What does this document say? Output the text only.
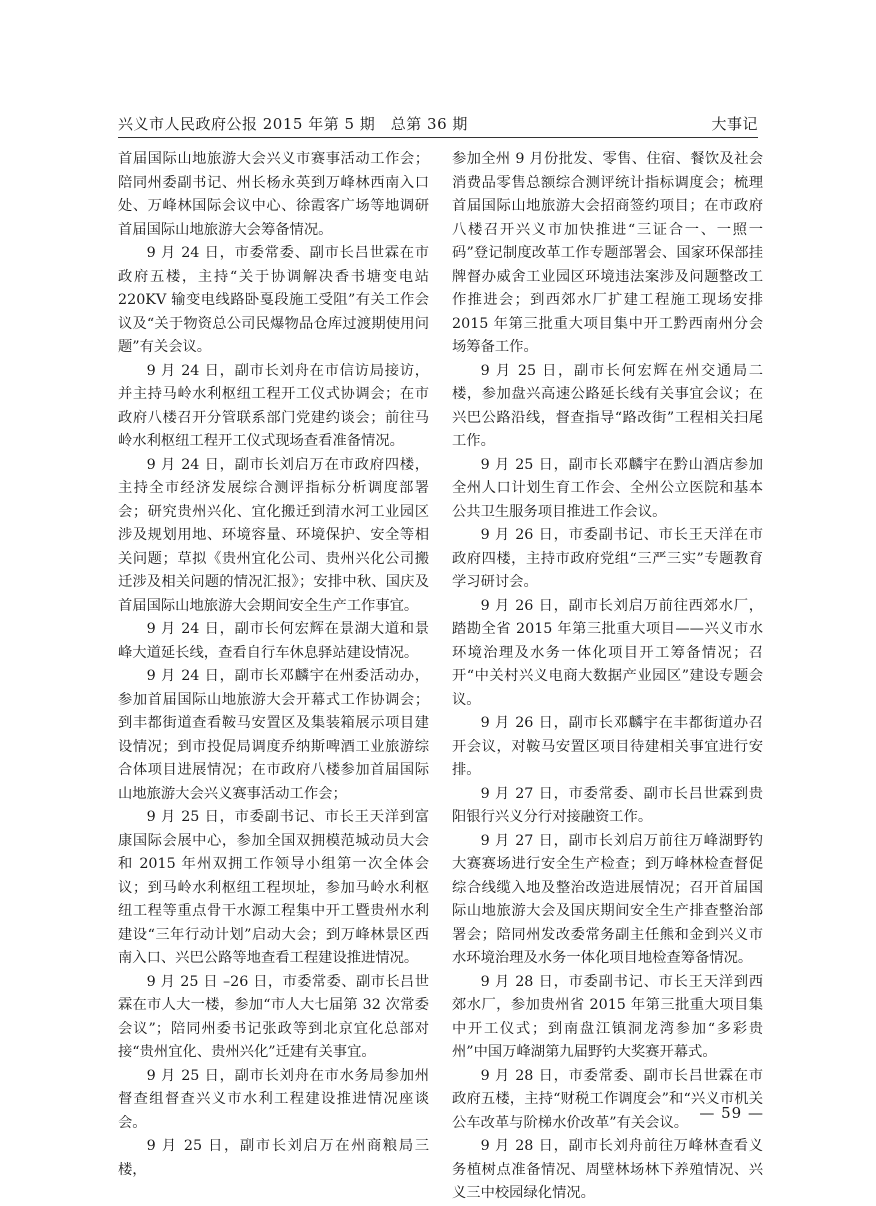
兴义市人民政府公报 2015 年第 5 期　总第 36 期	大事记

首届国际山地旅游大会兴义市赛事活动工作会；陪同州委副书记、州长杨永英到万峰林西南入口处、万峰林国际会议中心、徐霞客广场等地调研首届国际山地旅游大会筹备情况。

9 月 24 日，市委常委、副市长吕世霖在市政府五楼，主持“关于协调解决香书塘变电站 220KV 输变电线路卧戛段施工受阻”有关工作会议及“关于物资总公司民爆物品仓库过渡期使用问题”有关会议。

9 月 24 日，副市长刘舟在市信访局接访，并主持马岭水利枢纽工程开工仪式协调会；在市政府八楼召开分管联系部门党建约谈会；前往马岭水利枢纽工程开工仪式现场查看准备情况。

9 月 24 日，副市长刘启万在市政府四楼，主持全市经济发展综合测评指标分析调度部署会；研究贵州兴化、宜化搬迁到清水河工业园区涉及规划用地、环境容量、环境保护、安全等相关问题；草拟《贵州宜化公司、贵州兴化公司搬迁涉及相关问题的情况汇报》；安排中秋、国庆及首届国际山地旅游大会期间安全生产工作事宜。

9 月 24 日，副市长何宏辉在景湖大道和景峰大道延长线，查看自行车休息驿站建设情况。

9 月 24 日，副市长邓麟宇在州委活动办，参加首届国际山地旅游大会开幕式工作协调会；到丰都街道查看鞍马安置区及集装箱展示项目建设情况；到市投促局调度乔纳斯啤酒工业旅游综合体项目进展情况；在市政府八楼参加首届国际山地旅游大会兴义赛事活动工作会；

9 月 25 日，市委副书记、市长王天洋到富康国际会展中心，参加全国双拥模范城动员大会和 2015 年州双拥工作领导小组第一次全体会议；到马岭水利枢纽工程坝址，参加马岭水利枢纽工程等重点骨干水源工程集中开工暨贵州水利建设“三年行动计划”启动大会；到万峰林景区西南入口、兴巴公路等地查看工程建设推进情况。

9 月 25 日 –26 日，市委常委、副市长吕世霖在市人大一楼，参加“市人大七届第 32 次常委会议”；陪同州委书记张政等到北京宜化总部对接“贵州宜化、贵州兴化”迁建有关事宜。

9 月 25 日，副市长刘舟在市水务局参加州督查组督查兴义市水利工程建设推进情况座谈会。

9 月 25 日，副市长刘启万在州商粮局三楼，

参加全州 9 月份批发、零售、住宿、餐饮及社会消费品零售总额综合测评统计指标调度会；梳理首届国际山地旅游大会招商签约项目；在市政府八楼召开兴义市加快推进“三证合一、一照一码”登记制度改革工作专题部署会、国家环保部挂牌督办威舍工业园区环境违法案涉及问题整改工作推进会；到西郊水厂扩建工程施工现场安排 2015 年第三批重大项目集中开工黔西南州分会场筹备工作。

9 月 25 日，副市长何宏辉在州交通局二楼，参加盘兴高速公路延长线有关事宜会议；在兴巴公路沿线，督查指导“路改街”工程相关扫尾工作。

9 月 25 日，副市长邓麟宇在黔山酒店参加全州人口计划生育工作会、全州公立医院和基本公共卫生服务项目推进工作会议。

9 月 26 日，市委副书记、市长王天洋在市政府四楼，主持市政府党组“三严三实”专题教育学习研讨会。

9 月 26 日，副市长刘启万前往西郊水厂，踏勘全省 2015 年第三批重大项目——兴义市水环境治理及水务一体化项目开工筹备情况；召开“中关村兴义电商大数据产业园区”建设专题会议。

9 月 26 日，副市长邓麟宇在丰都街道办召开会议，对鞍马安置区项目待建相关事宜进行安排。

9 月 27 日，市委常委、副市长吕世霖到贵阳银行兴义分行对接融资工作。

9 月 27 日，副市长刘启万前往万峰湖野钓大赛赛场进行安全生产检查；到万峰林检查督促综合线缆入地及整治改造进展情况；召开首届国际山地旅游大会及国庆期间安全生产排查整治部署会；陪同州发改委常务副主任熊和金到兴义市水环境治理及水务一体化项目地检查筹备情况。

9 月 28 日，市委副书记、市长王天洋到西郊水厂，参加贵州省 2015 年第三批重大项目集中开工仪式；到南盘江镇洞龙湾参加“多彩贵州”中国万峰湖第九届野钓大奖赛开幕式。

9 月 28 日，市委常委、副市长吕世霖在市政府五楼，主持“财税工作调度会”和“兴义市机关公车改革与阶梯水价改革”有关会议。

9 月 28 日，副市长刘舟前往万峰林查看义务植树点准备情况、周壁林场林下养殖情况、兴义三中校园绿化情况。

— 59 —
